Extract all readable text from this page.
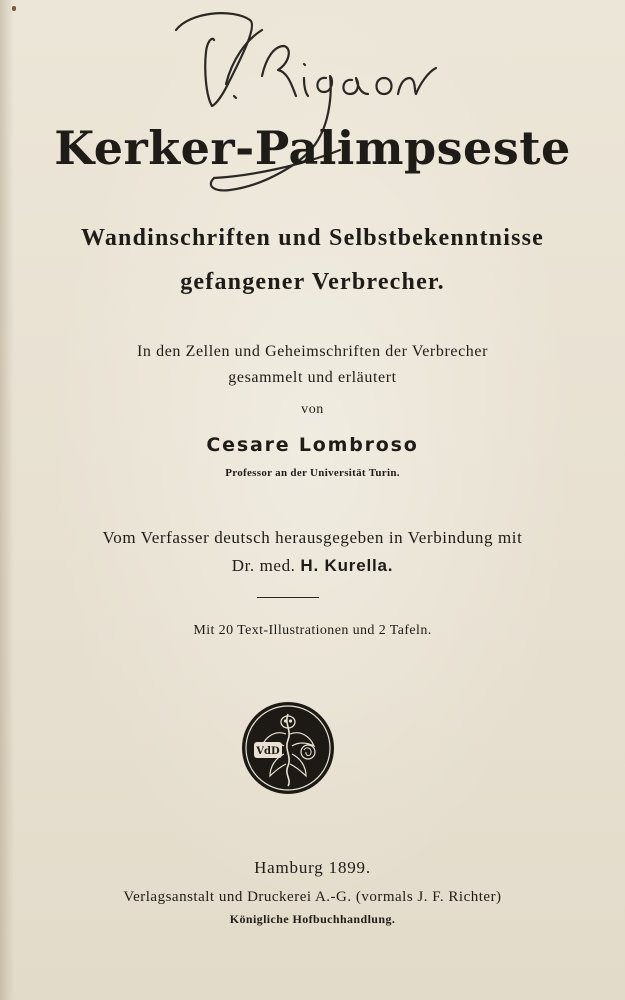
Kerker-Palimpseste
Wandinschriften und Selbstbekenntnisse
gefangener Verbrecher.
In den Zellen und Geheimschriften der Verbrecher
gesammelt und erläutert
von
Cesare Lombroso
Professor an der Universität Turin.
Vom Verfasser deutsch herausgegeben in Verbindung mit
Dr. med. H. Kurella.
Mit 20 Text-Illustrationen und 2 Tafeln.
VdD
Hamburg 1899.
Verlagsanstalt und Druckerei A.-G. (vormals J. F. Richter)
Königliche Hofbuchhandlung.
